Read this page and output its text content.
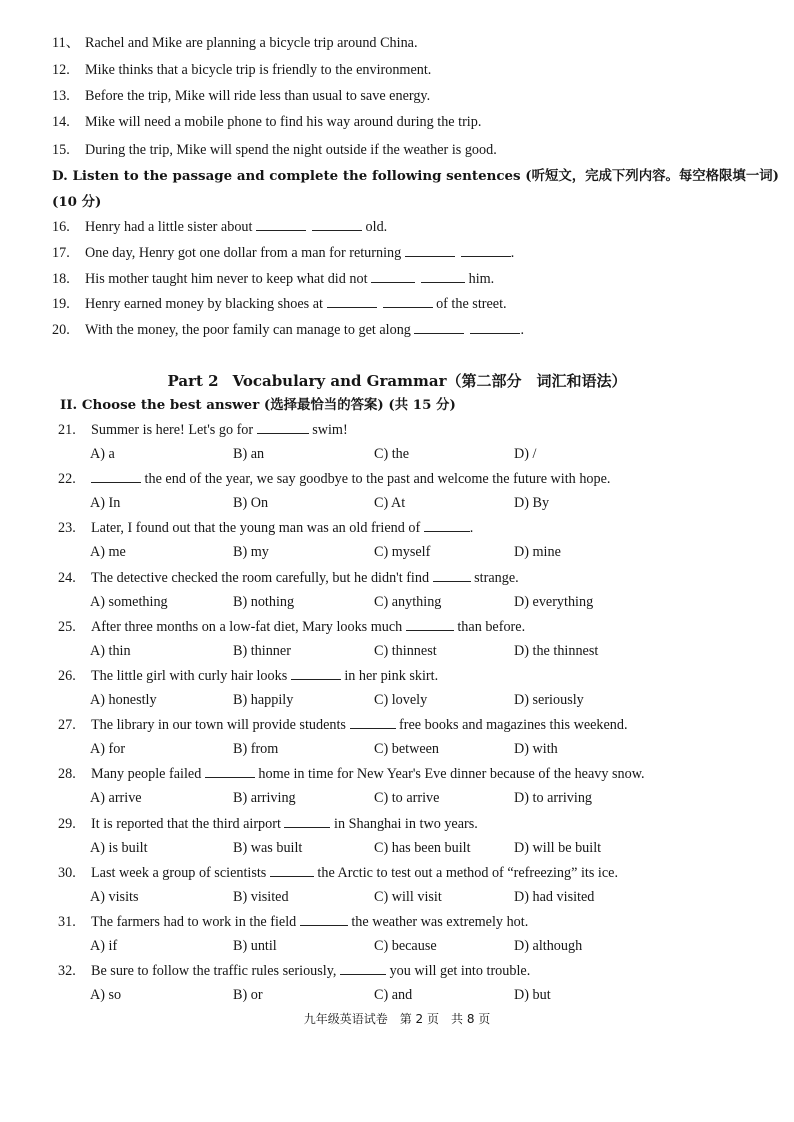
11、 Rachel and Mike are planning a bicycle trip around China.
12. Mike thinks that a bicycle trip is friendly to the environment.
13. Before the trip, Mike will ride less than usual to save energy.
14. Mike will need a mobile phone to find his way around during the trip.
15. During the trip, Mike will spend the night outside if the weather is good.
D. Listen to the passage and complete the following sentences (听短文，完成下列内容。每空格限填一词)
(10 分)
16. Henry had a little sister about	old.
17. One day, Henry got one dollar from a man for returning	.
18. His mother taught him never to keep what did not	him.
19. Henry earned money by blacking shoes at	of the street.
20. With the money, the poor family can manage to get along	.
Part 2 Vocabulary and Grammar（第二部分　词汇和语法）
II. Choose the best answer (选择最恰当的答案) (共 15 分)
21. Summer is here! Let's go for	swim!
A) a	B) an	C) the	D) /
22.	the end of the year, we say goodbye to the past and welcome the future with hope.
A) In	B) On	C) At	D) By
23. Later, I found out that the young man was an old friend of	.
A) me	B) my	C) myself	D) mine
24. The detective checked the room carefully, but he didn't find	strange.
A) something	B) nothing	C) anything	D) everything
25. After three months on a low-fat diet, Mary looks much	than before.
A) thin	B) thinner	C) thinnest	D) the thinnest
26. The little girl with curly hair looks	in her pink skirt.
A) honestly	B) happily	C) lovely	D) seriously
27. The library in our town will provide students	free books and magazines this weekend.
A) for	B) from	C) between	D) with
28. Many people failed	home in time for New Year's Eve dinner because of the heavy snow.
A) arrive	B) arriving	C) to arrive	D) to arriving
29. It is reported that the third airport	in Shanghai in two years.
A) is built	B) was built	C) has been built	D) will be built
30. Last week a group of scientists	the Arctic to test out a method of “refreezing” its ice.
A) visits	B) visited	C) will visit	D) had visited
31. The farmers had to work in the field	the weather was extremely hot.
A) if	B) until	C) because	D) although
32. Be sure to follow the traffic rules seriously,	you will get into trouble.
A) so	B) or	C) and	D) but
九年级英语试卷　第 2 页　共 8 页
